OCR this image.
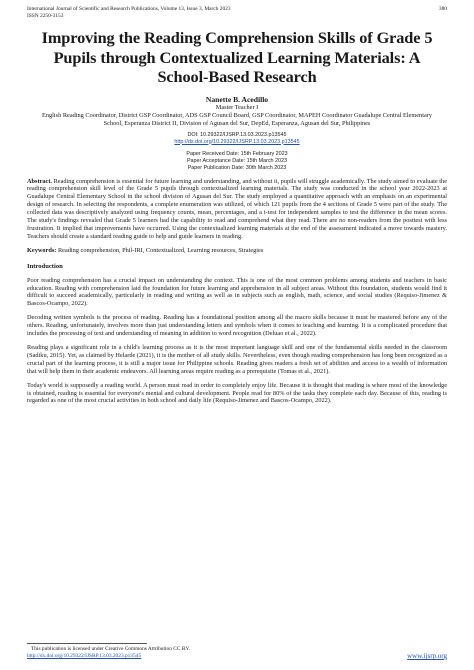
International Journal of Scientific and Research Publications, Volume 13, Issue 3, March 2023
ISSN 2250-3153
380
Improving the Reading Comprehension Skills of Grade 5 Pupils through Contextualized Learning Materials: A School-Based Research
Nanette B. Acedillo
Master Teacher I
English Reading Coordinator, District GSP Coordinator, ADS GSP Council Board, GSP Coordinator, MAPEH Coordinator Guadalupe Central Elementary School, Esperanza District II, Division of Agusan del Sur, DepEd, Esperanza, Agusan del Sur, Philippines
DOI: 10.29322/IJSRP.13.03.2023.p13545
http://dx.doi.org/10.29322/IJSRP.13.03.2023.p13545
Paper Received Date: 15th February 2023
Paper Acceptance Date: 15th March 2023
Paper Publication Date: 30th March 2023

Abstract. Reading comprehension is essential for future learning and understanding, and without it, pupils will struggle academically. The study aimed to evaluate the reading comprehension skill level of the Grade 5 pupils through contextualized learning materials. The study was conducted in the school year 2022-2023 at Guadalupe Central Elementary School in the school division of Agusan del Sur. The study employed a quantitative approach with an emphasis on an experimental design of research. In selecting the respondents, a complete enumeration was utilized, of which 121 pupils from the 4 sections of Grade 5 were part of the study. The collected data was descriptively analyzed using frequency counts, mean, percentages, and a t-test for independent samples to test the difference in the mean scores. The study's findings revealed that Grade 5 learners had the capability to read and comprehend what they read. There are no non-readers from the posttest with less frustration. It implied that improvements have occurred. Using the contextualized learning materials at the end of the assessment indicated a move towards mastery. Teachers should create a standard reading guide to help and guide learners in reading.

Keywords: Reading comprehension, Phil-IRI, Contextualized, Learning resources, Strategies

Introduction

Poor reading comprehension has a crucial impact on understanding the context. This is one of the most common problems among students and teachers in basic education. Reading with comprehension laid the foundation for future learning and apprehension in all subject areas. Without this foundation, students would find it difficult to succeed academically, particularly in reading and writing as well as in subjects such as english, math, science, and social studies (Requiso-Jimenez & Bascos-Ocampo, 2022).

Decoding written symbols is the process of reading. Reading has a foundational position among all the macro skills because it must be mastered before any of the others. Reading, unfortunately, involves more than just understanding letters and symbols when it comes to teaching and learning. It is a complicated procedure that includes the processing of text and understanding of meaning in addition to word recognition (Deluao et al., 2022).

Reading plays a significant role in a child's learning process as it is the most important language skill and one of the fundamental skills needed in the classroom (Sadiku, 2015). Yet, as claimed by Helarde (2021), it is the mother of all study skills. Nevertheless, even though reading comprehension has long been recognized as a crucial part of the learning process, it is still a major issue for Philippine schools. Reading gives readers a fresh set of abilities and access to a wealth of information that will help them in their academic endeavors. All learning areas require reading as a prerequisite (Tomas et al., 2021).

Today's world is supposedly a reading world. A person must read in order to completely enjoy life. Because it is thought that reading is where most of the knowledge is obtained, reading is essential for everyone's mental and cultural development. People read for 80% of the tasks they complete each day. Because of this, reading is regarded as one of the most crucial activities in both school and daily life (Requiso-Jimenez and Bascos-Ocampo, 2022).

This publication is licensed under Creative Commons Attribution CC BY.
http://dx.doi.org/10.29322/IJSRP.13.03.2023.p13545	www.ijsrp.org
